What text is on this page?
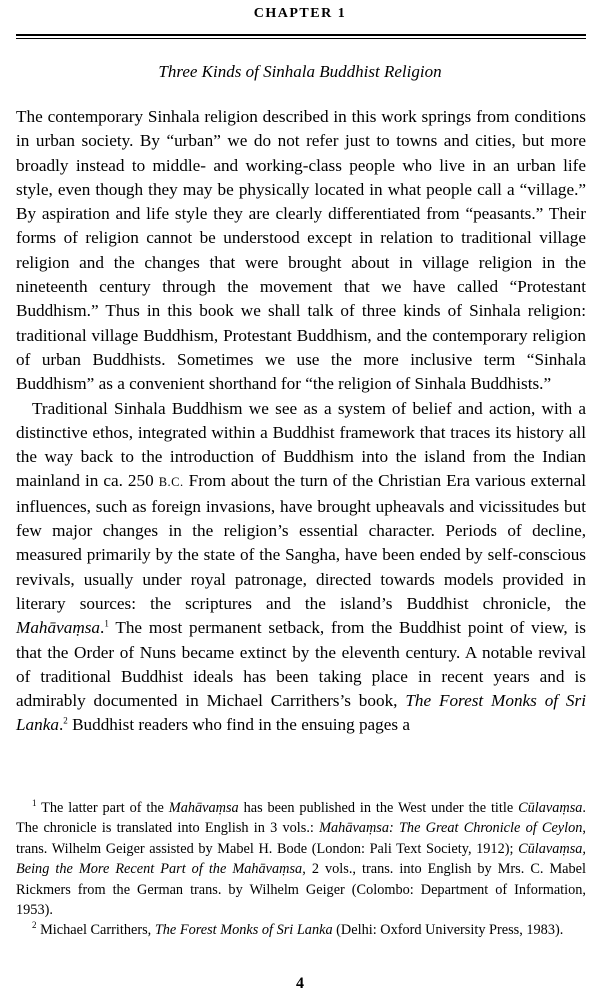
CHAPTER 1
Three Kinds of Sinhala Buddhist Religion

The contemporary Sinhala religion described in this work springs from conditions in urban society. By “urban” we do not refer just to towns and cities, but more broadly instead to middle- and working-class people who live in an urban life style, even though they may be physically located in what people call a “village.” By aspiration and life style they are clearly differentiated from “peasants.” Their forms of religion cannot be understood except in relation to traditional village religion and the changes that were brought about in village religion in the nineteenth century through the movement that we have called “Protestant Buddhism.” Thus in this book we shall talk of three kinds of Sinhala religion: traditional village Buddhism, Protestant Buddhism, and the contemporary religion of urban Buddhists. Sometimes we use the more inclusive term “Sinhala Buddhism” as a convenient shorthand for “the religion of Sinhala Buddhists.”

Traditional Sinhala Buddhism we see as a system of belief and action, with a distinctive ethos, integrated within a Buddhist framework that traces its history all the way back to the introduction of Buddhism into the island from the Indian mainland in ca. 250 B.C. From about the turn of the Christian Era various external influences, such as foreign invasions, have brought upheavals and vicissitudes but few major changes in the religion’s essential character. Periods of decline, measured primarily by the state of the Sangha, have been ended by self-conscious revivals, usually under royal patronage, directed towards models provided in literary sources: the scriptures and the island’s Buddhist chronicle, the Mahāvaṃsa.$^1$ The most permanent setback, from the Buddhist point of view, is that the Order of Nuns became extinct by the eleventh century. A notable revival of traditional Buddhist ideals has been taking place in recent years and is admirably documented in Michael Carrithers’s book, The Forest Monks of Sri Lanka.$^2$ Buddhist readers who find in the ensuing pages a

$^1$ The latter part of the Mahāvaṃsa has been published in the West under the title Cūlavaṃsa. The chronicle is translated into English in 3 vols.: Mahāvaṃsa: The Great Chronicle of Ceylon, trans. Wilhelm Geiger assisted by Mabel H. Bode (London: Pali Text Society, 1912); Cūlavaṃsa, Being the More Recent Part of the Mahāvaṃsa, 2 vols., trans. into English by Mrs. C. Mabel Rickmers from the German trans. by Wilhelm Geiger (Colombo: Department of Information, 1953).

$^2$ Michael Carrithers, The Forest Monks of Sri Lanka (Delhi: Oxford University Press, 1983).

4
